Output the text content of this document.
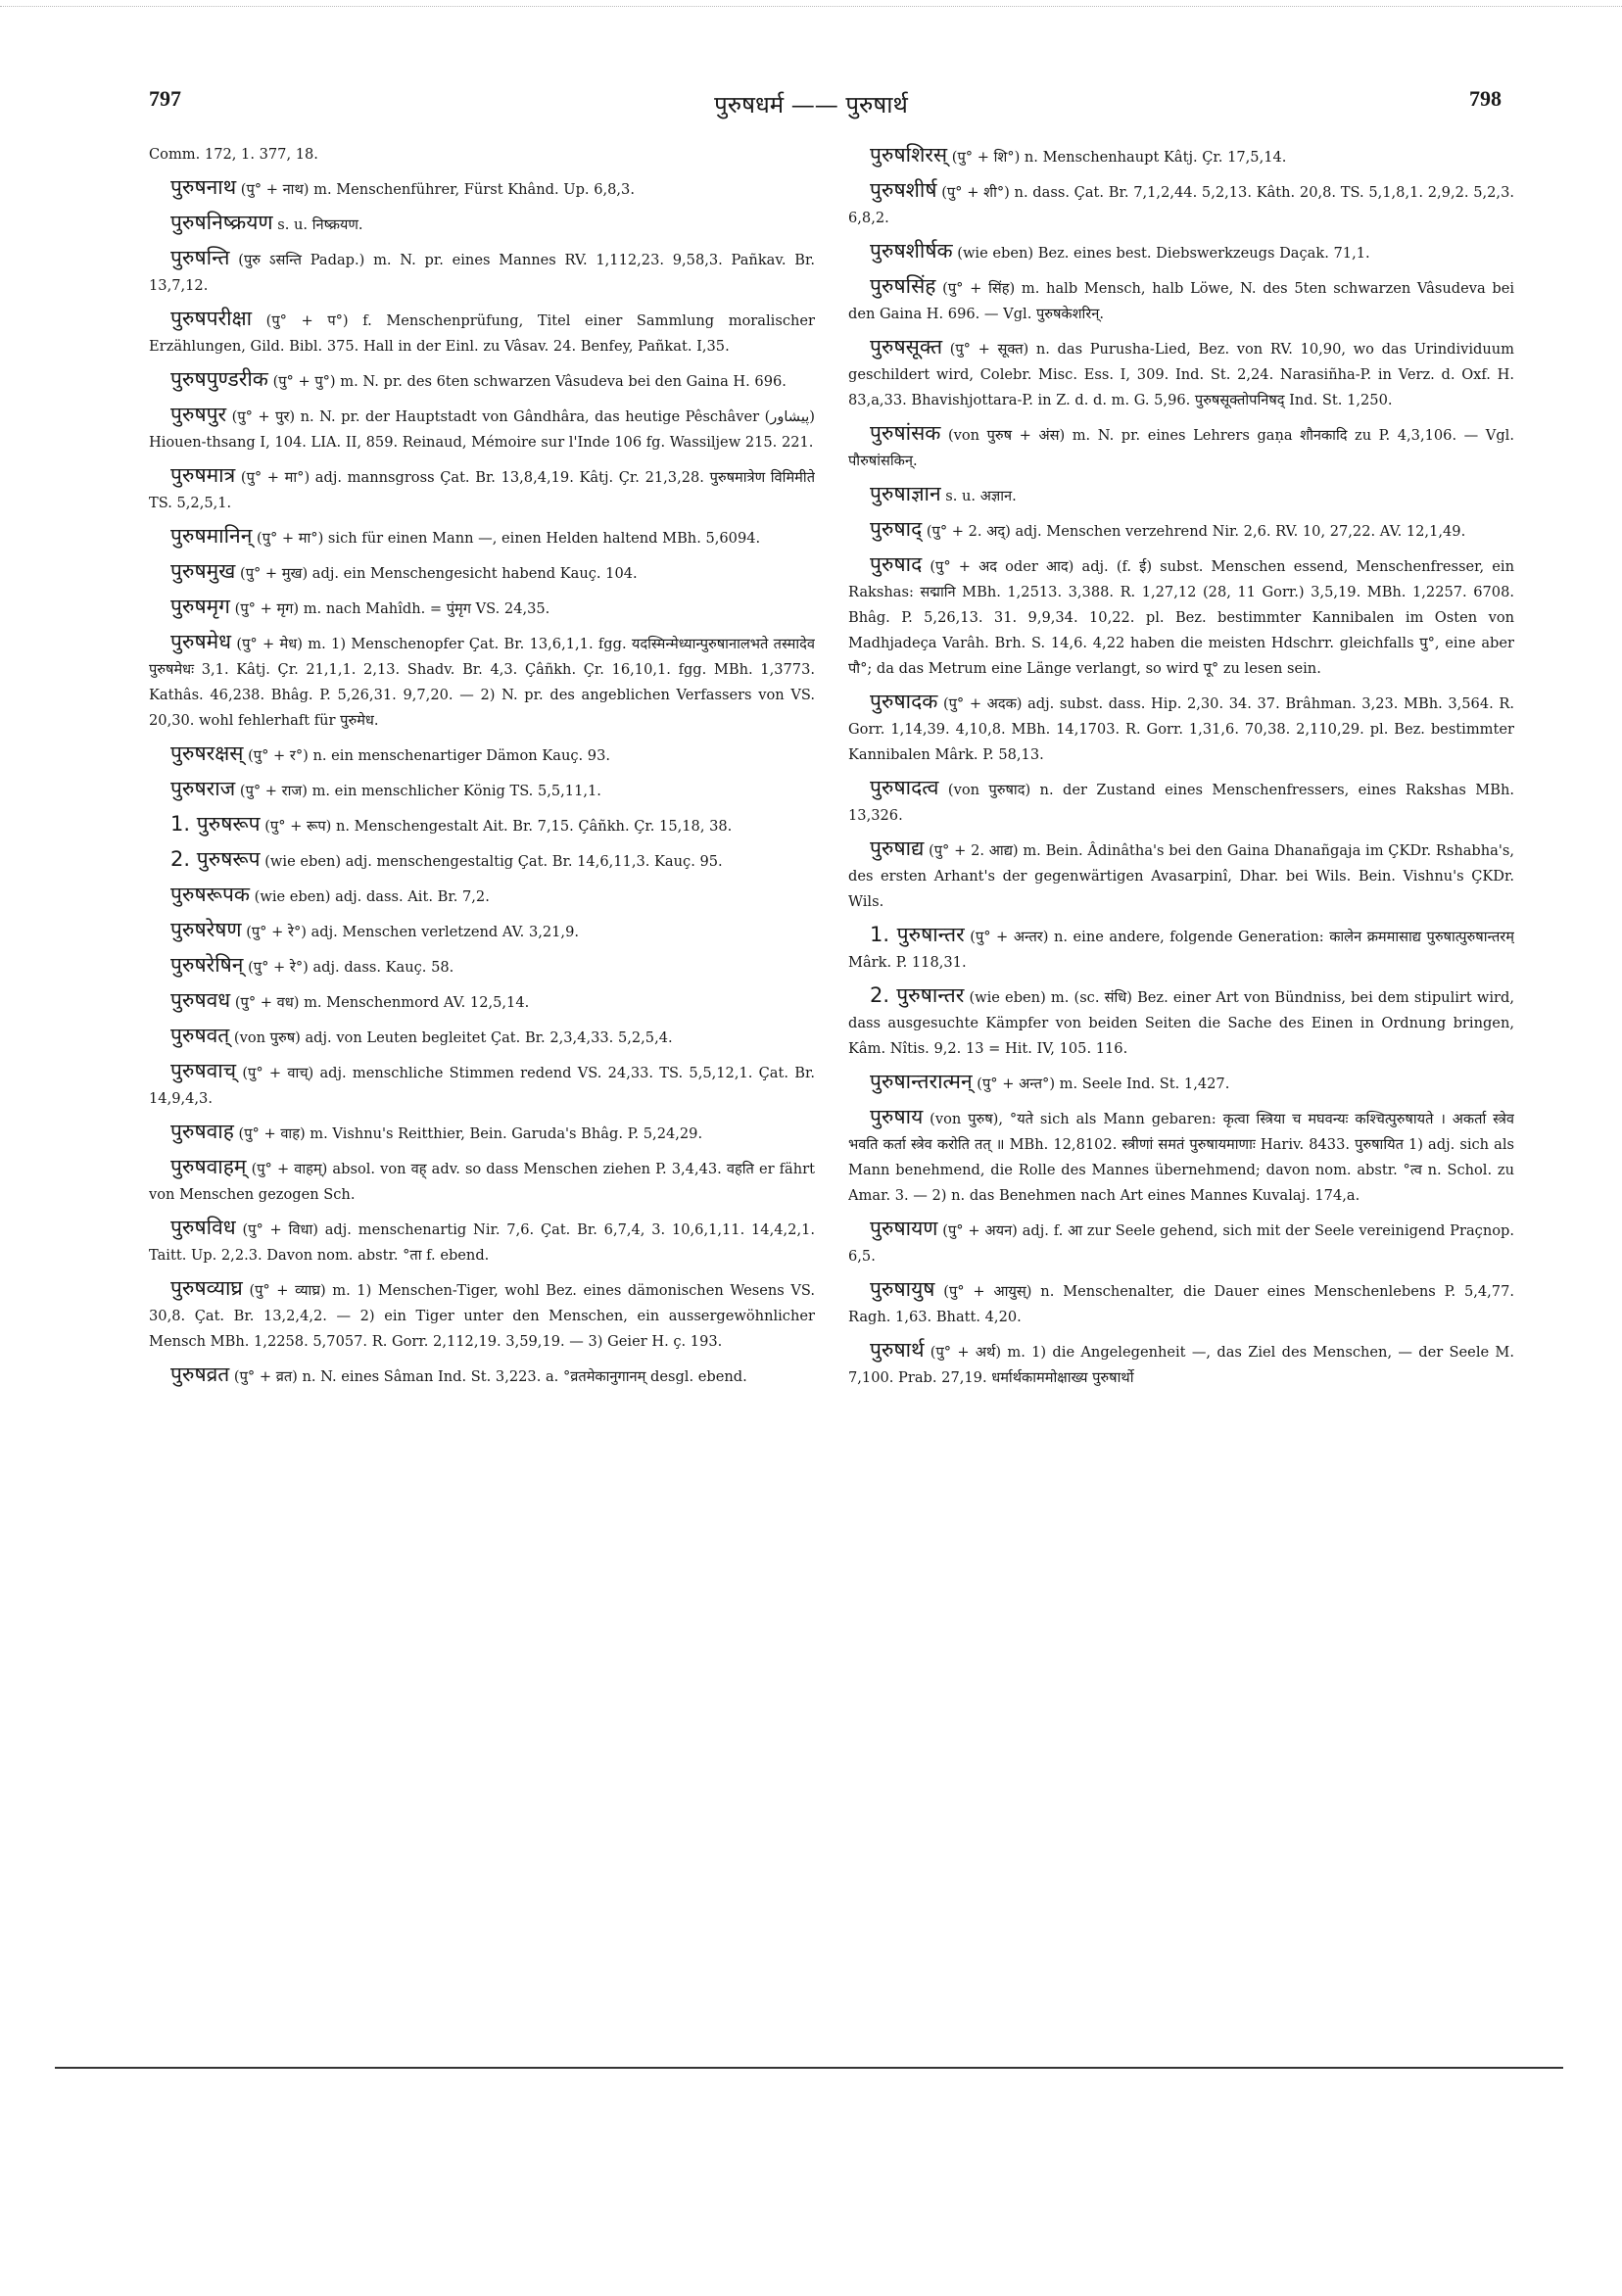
797	पुरुषधर्म —— पुरुषार्थ	798

Comm. 172, 1. 377, 18.

पुरुषनाथ (पु° + नाथ) m. Menschenführer, Fürst Khând. Up. 6,8,3.

पुरुषनिष्क्रयण s. u. निष्क्रयण.

पुरुषन्ति (पुरु ऽसन्ति Padap.) m. N. pr. eines Mannes RV. 1,112,23. 9,58,3. Pañkav. Br. 13,7,12.

पुरुषपरीक्षा (पु° + प°) f. Menschenprüfung, Titel einer Sammlung moralischer Erzählungen, Gild. Bibl. 375. Hall in der Einl. zu Vâsav. 24. Benfey, Pañkat. I,35.

पुरुषपुण्डरीक (पु° + पु°) m. N. pr. des 6ten schwarzen Vâsudeva bei den Gaina H. 696.

पुरुषपुर (पु° + पुर) n. N. pr. der Hauptstadt von Gândhâra, das heutige Pêschâver (پیشاور) Hiouen-thsang I, 104. LIA. II, 859. Reinaud, Mémoire sur l'Inde 106 fg. Wassiljew 215. 221.

पुरुषमात्र (पु° + मा°) adj. mannsgross Çat. Br. 13,8,4,19. Kâtj. Çr. 21,3,28. पुरुषमात्रेण विमिमीते TS. 5,2,5,1.

पुरुषमानिन् (पु° + मा°) sich für einen Mann —, einen Helden haltend MBh. 5,6094.

पुरुषमुख (पु° + मुख) adj. ein Menschengesicht habend Kauç. 104.

पुरुषमृग (पु° + मृग) m. nach Mahîdh. = पुंमृग VS. 24,35.

पुरुषमेध (पु° + मेध) m. 1) Menschenopfer Çat. Br. 13,6,1,1. fgg. यदस्मिन्मेध्यान्पुरुषानालभते तस्मादेव पुरुषमेधः 3,1. Kâtj. Çr. 21,1,1. 2,13. Shadv. Br. 4,3. Çâñkh. Çr. 16,10,1. fgg. MBh. 1,3773. Kathâs. 46,238. Bhâg. P. 5,26,31. 9,7,20. — 2) N. pr. des angeblichen Verfassers von VS. 20,30. wohl fehlerhaft für पुरुमेध.

पुरुषरक्षस् (पु° + र°) n. ein menschenartiger Dämon Kauç. 93.

पुरुषराज (पु° + राज) m. ein menschlicher König TS. 5,5,11,1.

1. पुरुषरूप (पु° + रूप) n. Menschengestalt Ait. Br. 7,15. Çâñkh. Çr. 15,18, 38.

2. पुरुषरूप (wie eben) adj. menschengestaltig Çat. Br. 14,6,11,3. Kauç. 95.

पुरुषरूपक (wie eben) adj. dass. Ait. Br. 7,2.

पुरुषरेषण (पु° + रे°) adj. Menschen verletzend AV. 3,21,9.

पुरुषरेषिन् (पु° + रे°) adj. dass. Kauç. 58.

पुरुषवध (पु° + वध) m. Menschenmord AV. 12,5,14.

पुरुषवत् (von पुरुष) adj. von Leuten begleitet Çat. Br. 2,3,4,33. 5,2,5,4.

पुरुषवाच् (पु° + वाच्) adj. menschliche Stimmen redend VS. 24,33. TS. 5,5,12,1. Çat. Br. 14,9,4,3.

पुरुषवाह (पु° + वाह) m. Vishnu's Reitthier, Bein. Garuda's Bhâg. P. 5,24,29.

पुरुषवाहम् (पु° + वाहम्) absol. von वह् adv. so dass Menschen ziehen P. 3,4,43. वहति er fährt von Menschen gezogen Sch.

पुरुषविध (पु° + विधा) adj. menschenartig Nir. 7,6. Çat. Br. 6,7,4, 3. 10,6,1,11. 14,4,2,1. Taitt. Up. 2,2.3. Davon nom. abstr. °ता f. ebend.

पुरुषव्याघ्र (पु° + व्याघ्र) m. 1) Menschen-Tiger, wohl Bez. eines dämonischen Wesens VS. 30,8. Çat. Br. 13,2,4,2. — 2) ein Tiger unter den Menschen, ein aussergewöhnlicher Mensch MBh. 1,2258. 5,7057. R. Gorr. 2,112,19. 3,59,19. — 3) Geier H. ç. 193.

पुरुषव्रत (पु° + व्रत) n. N. eines Sâman Ind. St. 3,223. a. °व्रतमेकानुगानम् desgl. ebend.

पुरुषशिरस् (पु° + शि°) n. Menschenhaupt Kâtj. Çr. 17,5,14.

पुरुषशीर्ष (पु° + शी°) n. dass. Çat. Br. 7,1,2,44. 5,2,13. Kâth. 20,8. TS. 5,1,8,1. 2,9,2. 5,2,3. 6,8,2.

पुरुषशीर्षक (wie eben) Bez. eines best. Diebswerkzeugs Daçak. 71,1.

पुरुषसिंह (पु° + सिंह) m. halb Mensch, halb Löwe, N. des 5ten schwarzen Vâsudeva bei den Gaina H. 696. — Vgl. पुरुषकेशरिन्.

पुरुषसूक्त (पु° + सूक्त) n. das Purusha-Lied, Bez. von RV. 10,90, wo das Urindividuum geschildert wird, Colebr. Misc. Ess. I, 309. Ind. St. 2,24. Narasiñha-P. in Verz. d. Oxf. H. 83,a,33. Bhavishjottara-P. in Z. d. d. m. G. 5,96. पुरुषसूक्तोपनिषद् Ind. St. 1,250.

पुरुषांसक (von पुरुष + अंस) m. N. pr. eines Lehrers gaṇa शौनकादि zu P. 4,3,106. — Vgl. पौरुषांसकिन्.

पुरुषाज्ञान s. u. अज्ञान.

पुरुषाद् (पु° + 2. अद्) adj. Menschen verzehrend Nir. 2,6. RV. 10, 27,22. AV. 12,1,49.

पुरुषाद (पु° + अद oder आद) adj. (f. ई) subst. Menschen essend, Menschenfresser, ein Rakshas: सद्मानि MBh. 1,2513. 3,388. R. 1,27,12 (28, 11 Gorr.) 3,5,19. MBh. 1,2257. 6708. Bhâg. P. 5,26,13. 31. 9,9,34. 10,22. pl. Bez. bestimmter Kannibalen im Osten von Madhjadeça Varâh. Brh. S. 14,6. 4,22 haben die meisten Hdschrr. gleichfalls पु°, eine aber पौ°; da das Metrum eine Länge verlangt, so wird पू° zu lesen sein.

पुरुषादक (पु° + अदक) adj. subst. dass. Hip. 2,30. 34. 37. Brâhman. 3,23. MBh. 3,564. R. Gorr. 1,14,39. 4,10,8. MBh. 14,1703. R. Gorr. 1,31,6. 70,38. 2,110,29. pl. Bez. bestimmter Kannibalen Mârk. P. 58,13.

पुरुषादत्व (von पुरुषाद) n. der Zustand eines Menschenfressers, eines Rakshas MBh. 13,326.

पुरुषाद्य (पु° + 2. आद्य) m. Bein. Âdinâtha's bei den Gaina Dhanañgaja im ÇKDr. Rshabha's, des ersten Arhant's der gegenwärtigen Avasarpinî, Dhar. bei Wils. Bein. Vishnu's ÇKDr. Wils.

1. पुरुषान्तर (पु° + अन्तर) n. eine andere, folgende Generation: कालेन क्रममासाद्य पुरुषात्पुरुषान्तरम् Mârk. P. 118,31.

2. पुरुषान्तर (wie eben) m. (sc. संधि) Bez. einer Art von Bündniss, bei dem stipulirt wird, dass ausgesuchte Kämpfer von beiden Seiten die Sache des Einen in Ordnung bringen, Kâm. Nîtis. 9,2. 13 = Hit. IV, 105. 116.

पुरुषान्तरात्मन् (पु° + अन्त°) m. Seele Ind. St. 1,427.

पुरुषाय (von पुरुष), °यते sich als Mann gebaren: कृत्वा स्त्रिया च मघवन्यः कश्चित्पुरुषायते । अकर्ता स्त्रेव भवति कर्ता स्त्रेव करोति तत् ॥ MBh. 12,8102. स्त्रीणां समतं पुरुषायमाणाः Hariv. 8433. पुरुषायित 1) adj. sich als Mann benehmend, die Rolle des Mannes übernehmend; davon nom. abstr. °त्व n. Schol. zu Amar. 3. — 2) n. das Benehmen nach Art eines Mannes Kuvalaj. 174,a.

पुरुषायण (पु° + अयन) adj. f. आ zur Seele gehend, sich mit der Seele vereinigend Praçnop. 6,5.

पुरुषायुष (पु° + आयुस्) n. Menschenalter, die Dauer eines Menschenlebens P. 5,4,77. Ragh. 1,63. Bhatt. 4,20.

पुरुषार्थ (पु° + अर्थ) m. 1) die Angelegenheit —, das Ziel des Menschen, — der Seele M. 7,100. Prab. 27,19. धर्मार्थकाममोक्षाख्य पुरुषार्थो
